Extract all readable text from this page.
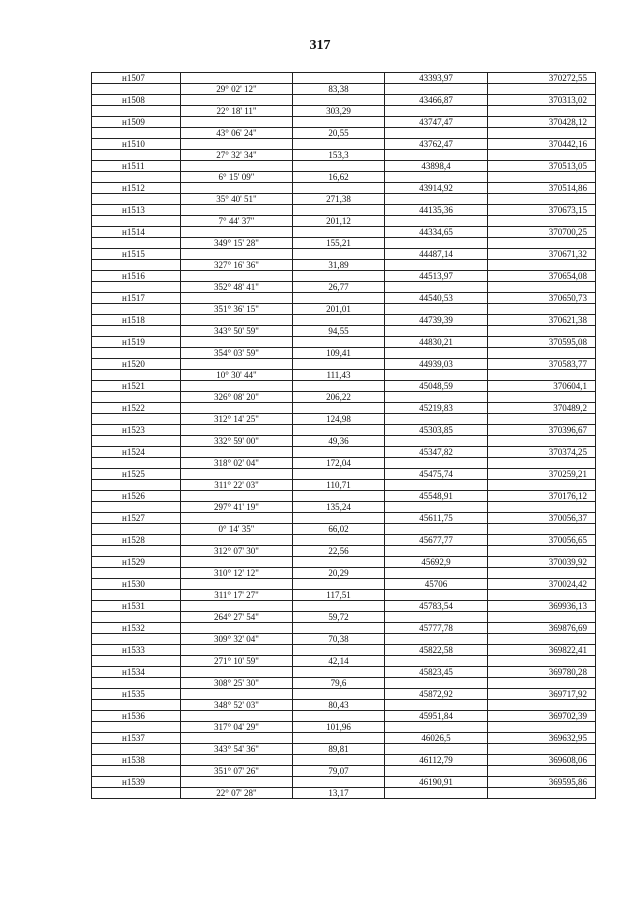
317
н1507			43393,97	370272,55
	29° 02' 12"	83,38		
н1508			43466,87	370313,02
	22° 18' 11"	303,29		
н1509			43747,47	370428,12
	43° 06' 24"	20,55		
н1510			43762,47	370442,16
	27° 32' 34"	153,3		
н1511			43898,4	370513,05
	6° 15' 09"	16,62		
н1512			43914,92	370514,86
	35° 40' 51"	271,38		
н1513			44135,36	370673,15
	7° 44' 37"	201,12		
н1514			44334,65	370700,25
	349° 15' 28"	155,21		
н1515			44487,14	370671,32
	327° 16' 36"	31,89		
н1516			44513,97	370654,08
	352° 48' 41"	26,77		
н1517			44540,53	370650,73
	351° 36' 15"	201,01		
н1518			44739,39	370621,38
	343° 50' 59"	94,55		
н1519			44830,21	370595,08
	354° 03' 59"	109,41		
н1520			44939,03	370583,77
	10° 30' 44"	111,43		
н1521			45048,59	370604,1
	326° 08' 20"	206,22		
н1522			45219,83	370489,2
	312° 14' 25"	124,98		
н1523			45303,85	370396,67
	332° 59' 00"	49,36		
н1524			45347,82	370374,25
	318° 02' 04"	172,04		
н1525			45475,74	370259,21
	311° 22' 03"	110,71		
н1526			45548,91	370176,12
	297° 41' 19"	135,24		
н1527			45611,75	370056,37
	0° 14' 35"	66,02		
н1528			45677,77	370056,65
	312° 07' 30"	22,56		
н1529			45692,9	370039,92
	310° 12' 12"	20,29		
н1530			45706	370024,42
	311° 17' 27"	117,51		
н1531			45783,54	369936,13
	264° 27' 54"	59,72		
н1532			45777,78	369876,69
	309° 32' 04"	70,38		
н1533			45822,58	369822,41
	271° 10' 59"	42,14		
н1534			45823,45	369780,28
	308° 25' 30"	79,6		
н1535			45872,92	369717,92
	348° 52' 03"	80,43		
н1536			45951,84	369702,39
	317° 04' 29"	101,96		
н1537			46026,5	369632,95
	343° 54' 36"	89,81		
н1538			46112,79	369608,06
	351° 07' 26"	79,07		
н1539			46190,91	369595,86
	22° 07' 28"	13,17		
